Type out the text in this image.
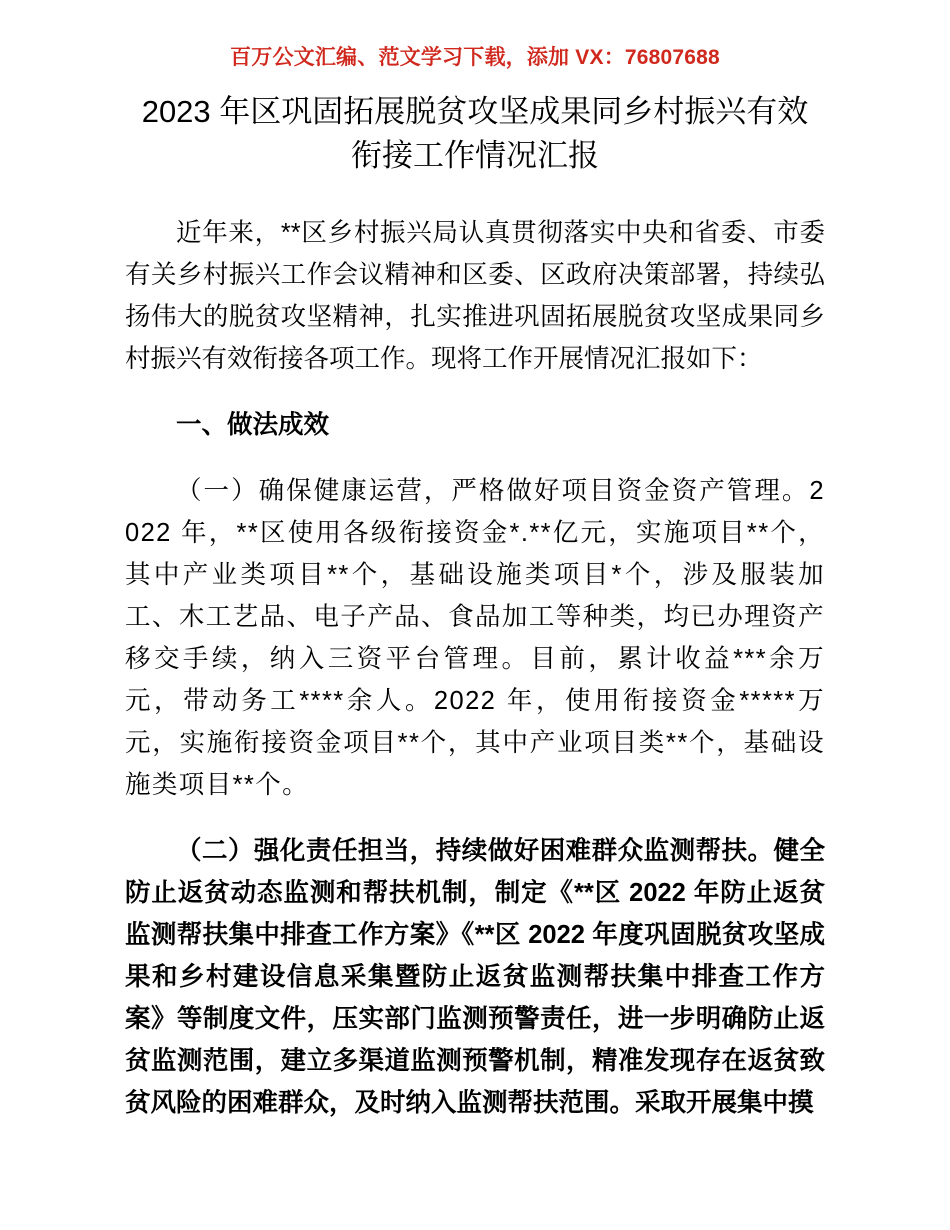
百万公文汇编、范文学习下载，添加 VX：76807688
2023 年区巩固拓展脱贫攻坚成果同乡村振兴有效衔接工作情况汇报

近年来，**区乡村振兴局认真贯彻落实中央和省委、市委有关乡村振兴工作会议精神和区委、区政府决策部署，持续弘扬伟大的脱贫攻坚精神，扎实推进巩固拓展脱贫攻坚成果同乡村振兴有效衔接各项工作。现将工作开展情况汇报如下：

一、做法成效

（一）确保健康运营，严格做好项目资金资产管理。2022 年，**区使用各级衔接资金*.**亿元，实施项目**个，其中产业类项目**个，基础设施类项目*个，涉及服装加工、木工艺品、电子产品、食品加工等种类，均已办理资产移交手续，纳入三资平台管理。目前，累计收益***余万元，带动务工****余人。2022 年，使用衔接资金*****万元，实施衔接资金项目**个，其中产业项目类**个，基础设施类项目**个。

（二）强化责任担当，持续做好困难群众监测帮扶。健全防止返贫动态监测和帮扶机制，制定《**区 2022 年防止返贫监测帮扶集中排查工作方案》《**区 2022 年度巩固脱贫攻坚成果和乡村建设信息采集暨防止返贫监测帮扶集中排查工作方案》等制度文件，压实部门监测预警责任，进一步明确防止返贫监测范围，建立多渠道监测预警机制，精准发现存在返贫致贫风险的困难群众，及时纳入监测帮扶范围。采取开展集中摸
